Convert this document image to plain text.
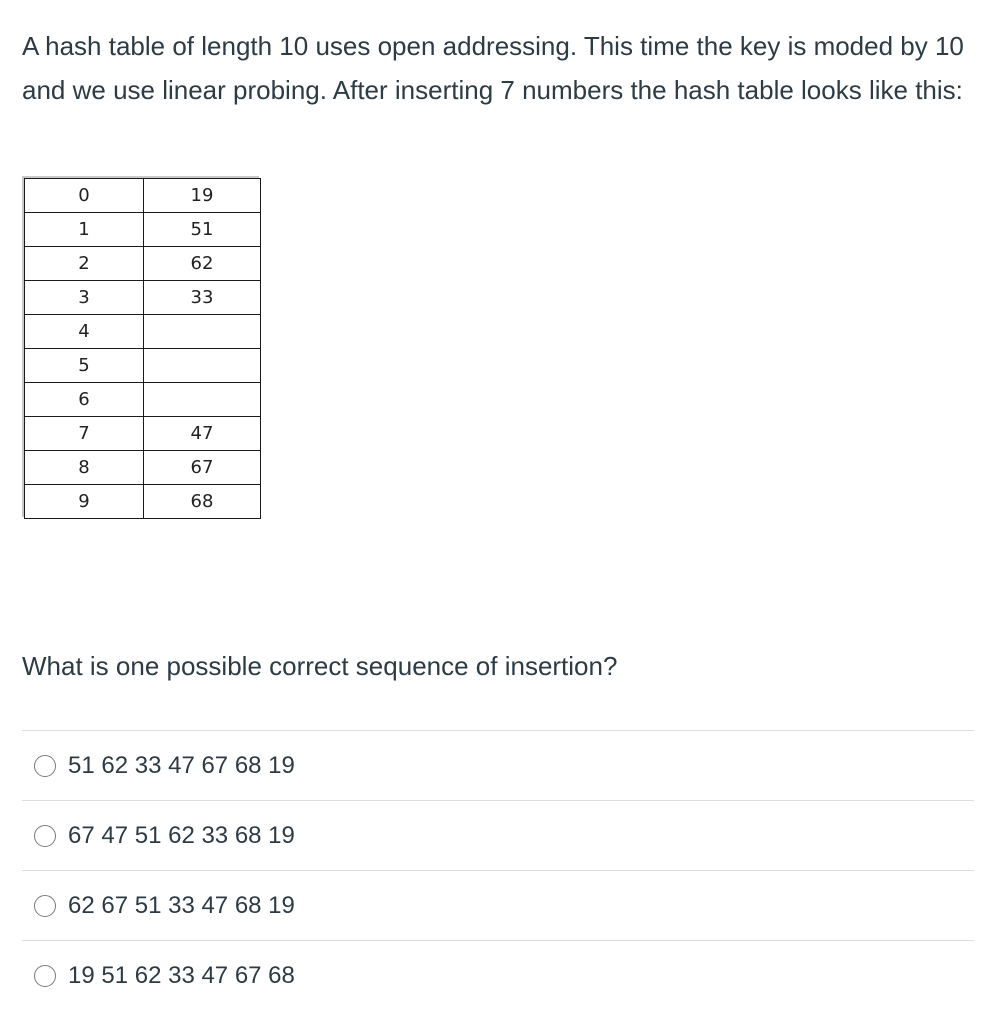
A hash table of length 10 uses open addressing. This time the key is moded by 10 and we use linear probing. After inserting 7 numbers the hash table looks like this:

0	19
1	51
2	62
3	33
4	
5	
6	
7	47
8	67
9	68

What is one possible correct sequence of insertion?

51 62 33 47 67 68 19
67 47 51 62 33 68 19
62 67 51 33 47 68 19
19 51 62 33 47 67 68
